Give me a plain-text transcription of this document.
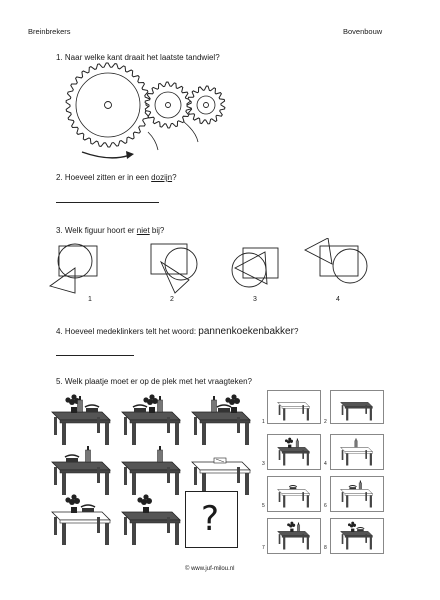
Breinbrekers	Bovenbouw
1. Naar welke kant draait het laatste tandwiel?
2. Hoeveel zitten er in een dozijn?
3. Welk figuur hoort er niet bij?
1	2	3	4
4. Hoeveel medeklinkers telt het woord: pannenkoekenbakker?
5. Welk plaatje moet er op de plek met het vraagteken?
?
1	2
3	4
5	6
7	8
© www.juf-milou.nl
